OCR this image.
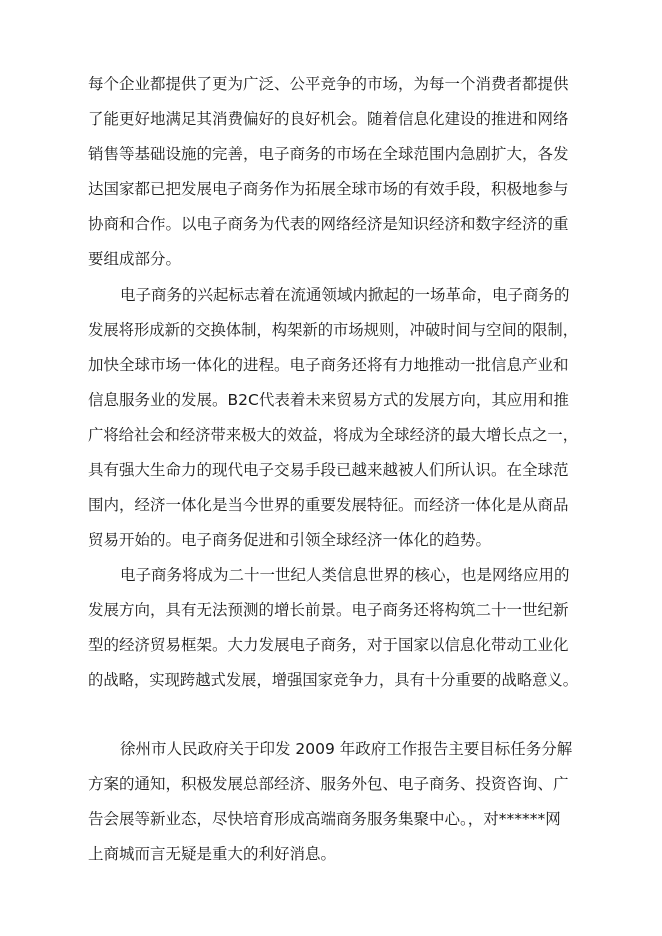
每个企业都提供了更为广泛、公平竞争的市场，为每一个消费者都提供

了能更好地满足其消费偏好的良好机会。随着信息化建设的推进和网络

销售等基础设施的完善，电子商务的市场在全球范围内急剧扩大，各发

达国家都已把发展电子商务作为拓展全球市场的有效手段，积极地参与

协商和合作。以电子商务为代表的网络经济是知识经济和数字经济的重

要组成部分。

电子商务的兴起标志着在流通领域内掀起的一场革命，电子商务的

发展将形成新的交换体制，构架新的市场规则，冲破时间与空间的限制，

加快全球市场一体化的进程。电子商务还将有力地推动一批信息产业和

信息服务业的发展。B2C代表着未来贸易方式的发展方向，其应用和推

广将给社会和经济带来极大的效益，将成为全球经济的最大增长点之一，

具有强大生命力的现代电子交易手段已越来越被人们所认识。在全球范

围内，经济一体化是当今世界的重要发展特征。而经济一体化是从商品

贸易开始的。电子商务促进和引领全球经济一体化的趋势。

电子商务将成为二十一世纪人类信息世界的核心，也是网络应用的

发展方向，具有无法预测的增长前景。电子商务还将构筑二十一世纪新

型的经济贸易框架。大力发展电子商务，对于国家以信息化带动工业化

的战略，实现跨越式发展，增强国家竞争力，具有十分重要的战略意义。

徐州市人民政府关于印发 2009 年政府工作报告主要目标任务分解

方案的通知，积极发展总部经济、服务外包、电子商务、投资咨询、广

告会展等新业态，尽快培育形成高端商务服务集聚中心。，对******网

上商城而言无疑是重大的利好消息。
